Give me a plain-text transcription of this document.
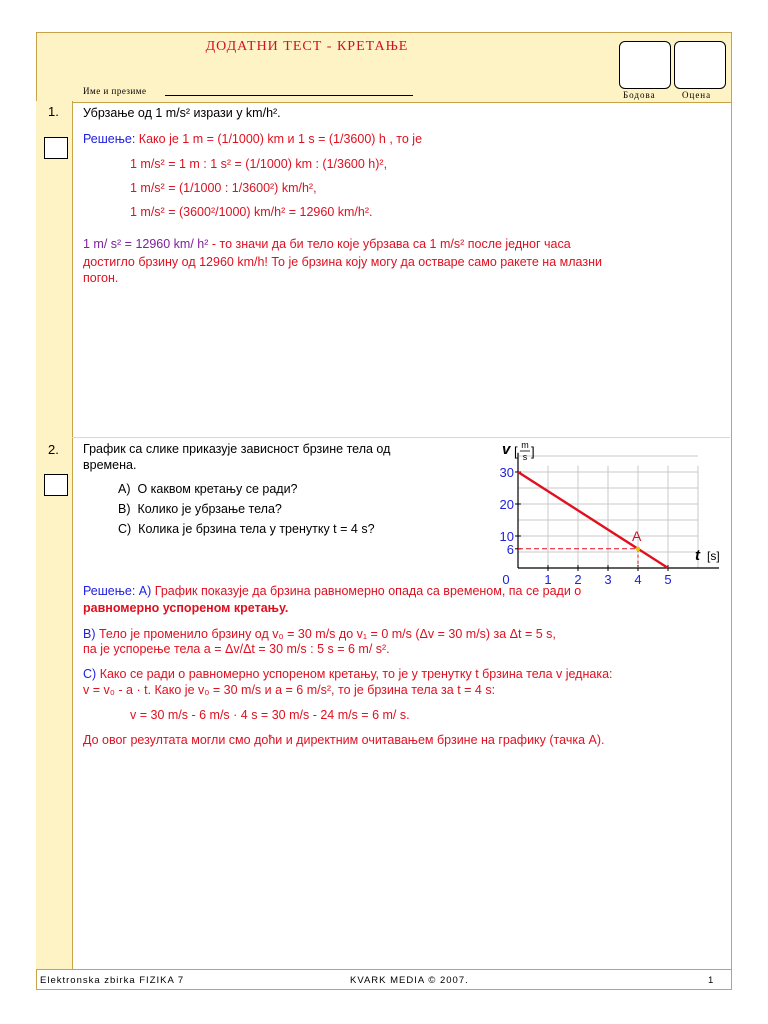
ДОДАТНИ ТЕСТ - КРЕТАЊЕ
Име и презиме	Бодова	Оцена
1. Убрзање од 1 m/s² изрази у km/h².
Решење: Како је 1 m = (1/1000) km и 1 s = (1/3600) h , то је
1 m/s² = 1 m : 1 s² = (1/1000) km : (1/3600 h)²,
1 m/s² = (1/1000 : 1/3600²) km/h²,
1 m/s² = (3600²/1000) km/h² = 12960 km/h².
1 m/ s² = 12960 km/ h² - то значи да би тело које убрзава са 1 m/s² после једног часа
достигло брзину од 12960 km/h! То је брзина коју могу да остваре само ракете на млазни
погон.
2. График са слике приказује зависност брзине тела од
времена.
A) О каквом кретању се ради?
B) Колико је убрзање тела?
C) Колика је брзина тела у тренутку t = 4 s?
0	1 2 3 4 5
6
10
20
30
A
v [ m
s ]
t [s]
Решење: A) График показује да брзина равномерно опада са временом, па се ради о
равномерно успореном кретању.
B) Тело је променило брзину од v₀ = 30 m/s до v₁ = 0 m/s (Δv = 30 m/s) за Δt = 5 s,
па је успорење тела a = Δv/Δt = 30 m/s : 5 s = 6 m/ s².
C) Како се ради о равномерно успореном кретању, то је у тренутку t брзина тела v једнака:
v = v₀ - a · t. Како је v₀ = 30 m/s и a = 6 m/s², то је брзина тела за t = 4 s:
v = 30 m/s - 6 m/s · 4 s = 30 m/s - 24 m/s = 6 m/ s.
До овог резултата могли смо доћи и директним очитавањем брзине на графику (тачка A).
Elektronska zbirka FIZIKA 7	KVARK MEDIA © 2007.	1
